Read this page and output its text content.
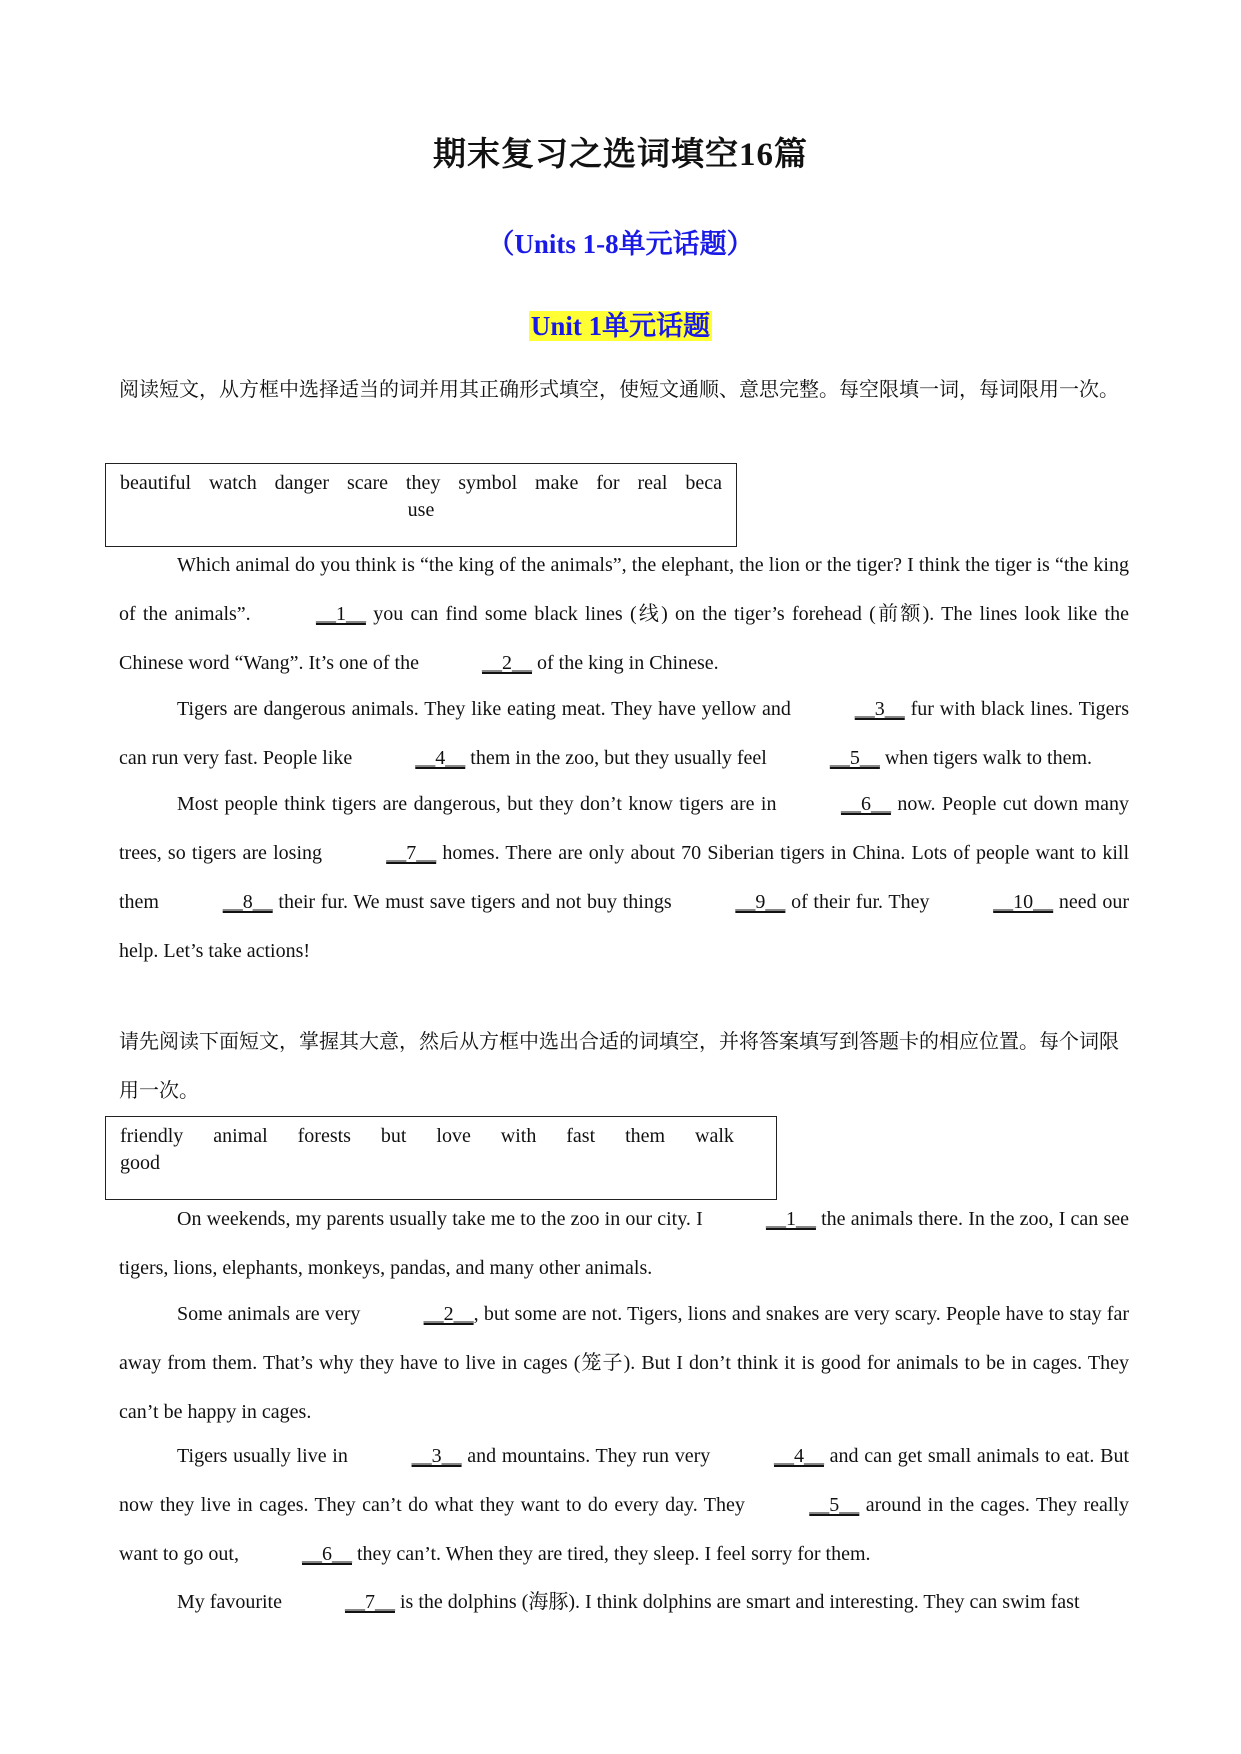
期末复习之选词填空16篇
（Units 1-8单元话题）
Unit 1单元话题
阅读短文，从方框中选择适当的词并用其正确形式填空，使短文通顺、意思完整。每空限填一词，每词限用一次。
beautiful  watch  danger  scare  they  symbol  make  for  real  beca
use
Which animal do you think is “the king of the animals”, the elephant, the lion or the tiger? I think the tiger is “the king of the animals”.	__1__ you can find some black lines (线) on the tiger’s forehead (前额). The lines look like the Chinese word “Wang”. It’s one of the	__2__ of the king in Chinese.
Tigers are dangerous animals. They like eating meat. They have yellow and	__3__ fur with black lines. Tigers can run very fast. People like	__4__ them in the zoo, but they usually feel	__5__ when tigers walk to them.
Most people think tigers are dangerous, but they don’t know tigers are in	__6__ now. People cut down many trees, so tigers are losing	__7__ homes. There are only about 70 Siberian tigers in China. Lots of people want to kill them	__8__ their fur. We must save tigers and not buy things	__9__ of their fur. They	__10__ need our help. Let’s take actions!
请先阅读下面短文，掌握其大意，然后从方框中选出合适的词填空，并将答案填写到答题卡的相应位置。每个词限用一次。
friendly animal forests but love with fast them walk
good
On weekends, my parents usually take me to the zoo in our city. I	__1__ the animals there. In the zoo, I can see tigers, lions, elephants, monkeys, pandas, and many other animals.
Some animals are very	__2__, but some are not. Tigers, lions and snakes are very scary. People have to stay far away from them. That’s why they have to live in cages (笼子). But I don’t think it is good for animals to be in cages. They can’t be happy in cages.
Tigers usually live in	__3__ and mountains. They run very	__4__ and can get small animals to eat. But now they live in cages. They can’t do what they want to do every day. They	__5__ around in the cages. They really want to go out,	__6__ they can’t. When they are tired, they sleep. I feel sorry for them.
My favourite	__7__ is the dolphins (海豚). I think dolphins are smart and interesting. They can swim fast
